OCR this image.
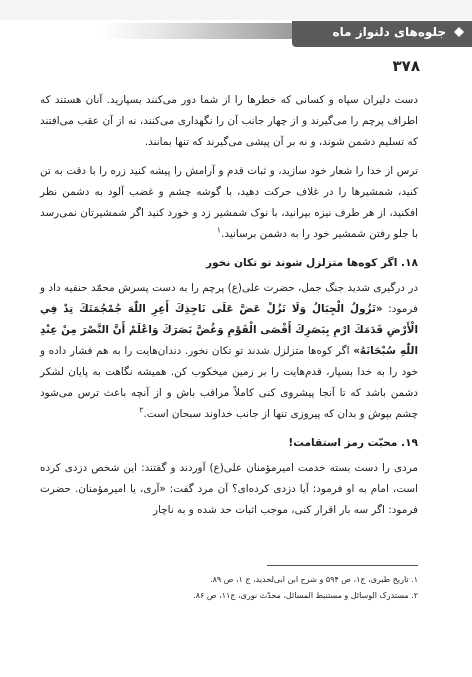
جلوه‌های دلنواز ماه
۳۷۸

دست دلیران سپاه و کسانی که خطرها را از شما دور می‌کنند بسپارید. آنان هستند که اطراف پرچم را می‌گیرند و از چهار جانب آن را نگهداری می‌کنند، نه از آن عقب می‌افتند که تسلیم دشمن شوند، و نه بر آن پیشی می‌گیرند که تنها بمانند.

ترس از خدا را شعار خود سازید، و ثبات قدم و آرامش را پیشه کنید زره را با دقت به تن کنید، شمشیرها را در غلاف حرکت دهید، با گوشه چشم و غضب آلود به دشمن نظر افکنید، از هر طرف نیزه بپرانید، با نوک شمشیر زد و خورد کنید اگر شمشیرتان نمی‌رسد با جلو رفتن شمشیر خود را به دشمن برسانید.$^۱$

۱۸. اگر کوه‌ها متزلزل شوند تو تکان نخور

در درگیری شدید جنگ جمل، حضرت علی(ع) پرچم را به دست پسرش محمّد حنفیه داد و فرمود: «تَزُولُ الْجِبَالُ وَلَا تَزُلْ عَضَّ عَلَى نَاجِذِكَ أَعِرِ اللّٰهَ جُمْجُمَتَكَ تِدْ فِي الْأَرْضِ قَدَمَكَ ارْمِ بِبَصَرِكَ أَقْصَى الْقَوْمِ وَغُضَّ بَصَرَكَ وَاعْلَمْ أَنَّ النَّصْرَ مِنْ عِنْدِ اللّٰهِ سُبْحَانَهُ» اگر کوه‌ها متزلزل شدند تو تکان نخور. دندان‌هایت را به هم فشار داده و خود را به خدا بسپار، قدم‌هایت را بر زمین میخکوب کن. همیشه نگاهت به پایان لشکر دشمن باشد که تا آنجا پیشروی کنی کاملاً مراقب باش و از آنچه باعث ترس می‌شود چشم بپوش و بدان که پیروزی تنها از جانب خداوند سبحان است.$^۲$

۱۹. محبّت رمز استقامت!

مردی را دست بسته خدمت امیرمؤمنان علی(ع) آوردند و گفتند: این شخص دزدی کرده است، امام به او فرمود: آیا دزدی کرده‌ای؟ آن مرد گفت: «آری، یا امیرمؤمنان. حضرت فرمود: اگر سه بار اقرار کنی، موجب اثبات حد شده و به ناچار

۱. تاریخ طبری، ج۱، ص ۵۹۴ و شرح ابن ابی‌لحدید، ج ۱، ص ۸۹.
۲. مستدرک الوسائل و مستنبط المسائل، محدّث نوری، ج۱۱، ص ۸۶.
